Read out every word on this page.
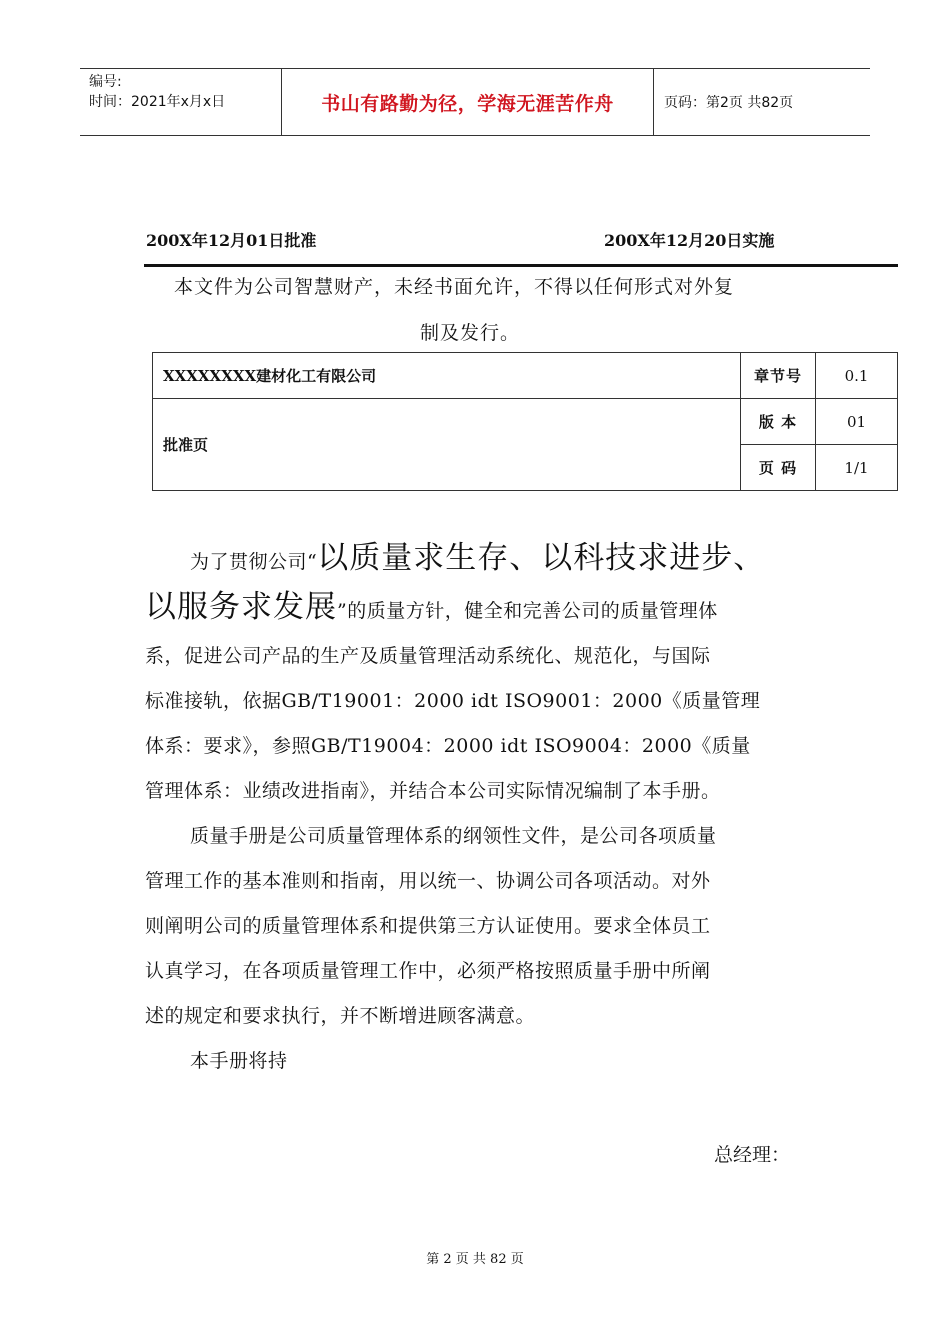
编号:
时间：2021年x月x日	书山有路勤为径，学海无涯苦作舟	页码：第2页 共82页
200X年12月01日批准	200X年12月20日实施
本文件为公司智慧财产，未经书面允许，不得以任何形式对外复
制及发行。
XXXXXXXX建材化工有限公司	章节号	0.1
批准页	版 本	01
	页 码	1/1

为了贯彻公司“以质量求生存、以科技求进步、

以服务求发展”的质量方针，健全和完善公司的质量管理体

系，促进公司产品的生产及质量管理活动系统化、规范化，与国际

标准接轨，依据GB/T19001：2000 idt ISO9001：2000《质量管理

体系：要求》，参照GB/T19004：2000 idt ISO9004：2000《质量

管理体系：业绩改进指南》，并结合本公司实际情况编制了本手册。

质量手册是公司质量管理体系的纲领性文件，是公司各项质量

管理工作的基本准则和指南，用以统一、协调公司各项活动。对外

则阐明公司的质量管理体系和提供第三方认证使用。要求全体员工

认真学习，在各项质量管理工作中，必须严格按照质量手册中所阐

述的规定和要求执行，并不断增进顾客满意。

本手册将持

总经理：
第 2 页 共 82 页
